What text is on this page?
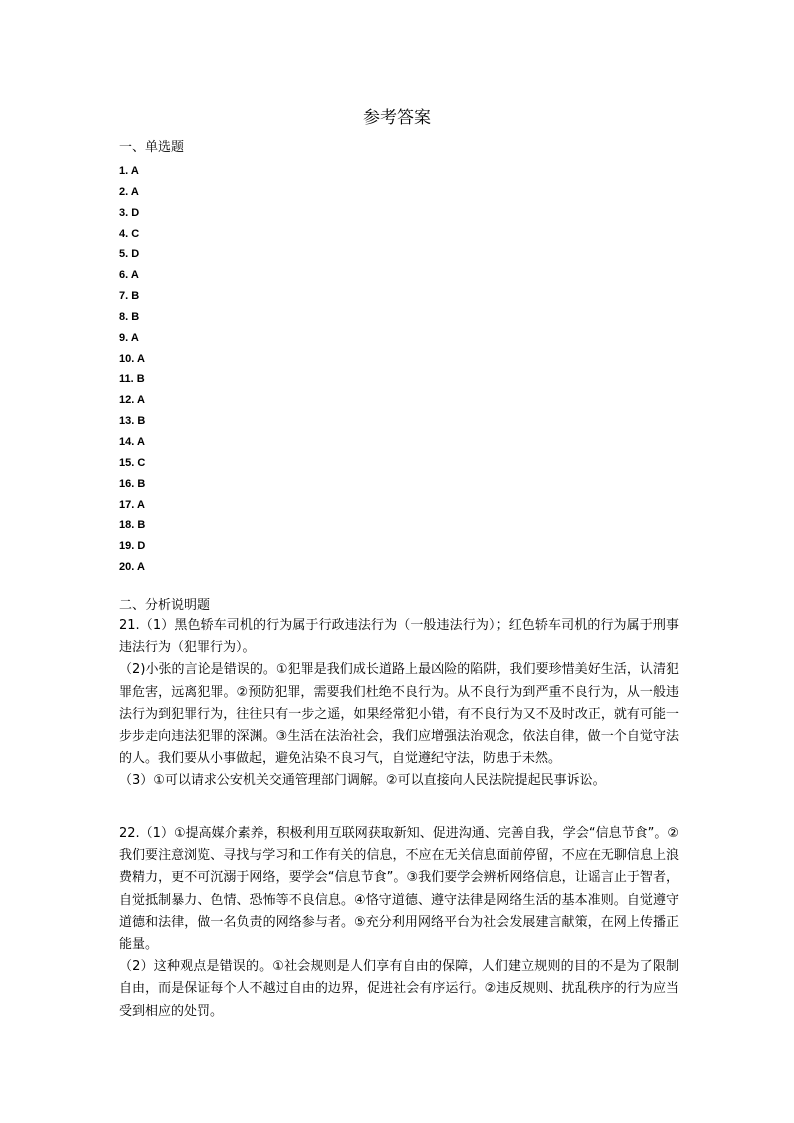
参考答案
一、单选题
1. A
2. A
3. D
4. C
5. D
6. A
7. B
8. B
9. A
10. A
11. B
12. A
13. B
14. A
15. C
16. B
17. A
18. B
19. D
20. A
二、分析说明题

21.（1）黑色轿车司机的行为属于行政违法行为（一般违法行为）；红色轿车司机的行为属于刑事违法行为（犯罪行为）。

（2)小张的言论是错误的。①犯罪是我们成长道路上最凶险的陷阱，我们要珍惜美好生活，认清犯罪危害，远离犯罪。②预防犯罪，需要我们杜绝不良行为。从不良行为到严重不良行为，从一般违法行为到犯罪行为，往往只有一步之遥，如果经常犯小错，有不良行为又不及时改正，就有可能一步步走向违法犯罪的深渊。③生活在法治社会，我们应增强法治观念，依法自律，做一个自觉守法的人。我们要从小事做起，避免沾染不良习气，自觉遵纪守法，防患于未然。

（3）①可以请求公安机关交通管理部门调解。②可以直接向人民法院提起民事诉讼。

22.（1）①提高媒介素养，积极利用互联网获取新知、促进沟通、完善自我，学会“信息节食”。②我们要注意浏览、寻找与学习和工作有关的信息，不应在无关信息面前停留，不应在无聊信息上浪费精力，更不可沉溺于网络，要学会“信息节食”。③我们要学会辨析网络信息，让谣言止于智者，自觉抵制暴力、色情、恐怖等不良信息。④恪守道德、遵守法律是网络生活的基本准则。自觉遵守道德和法律，做一名负责的网络参与者。⑤充分利用网络平台为社会发展建言献策，在网上传播正能量。

（2）这种观点是错误的。①社会规则是人们享有自由的保障，人们建立规则的目的不是为了限制自由，而是保证每个人不越过自由的边界，促进社会有序运行。②违反规则、扰乱秩序的行为应当受到相应的处罚。
